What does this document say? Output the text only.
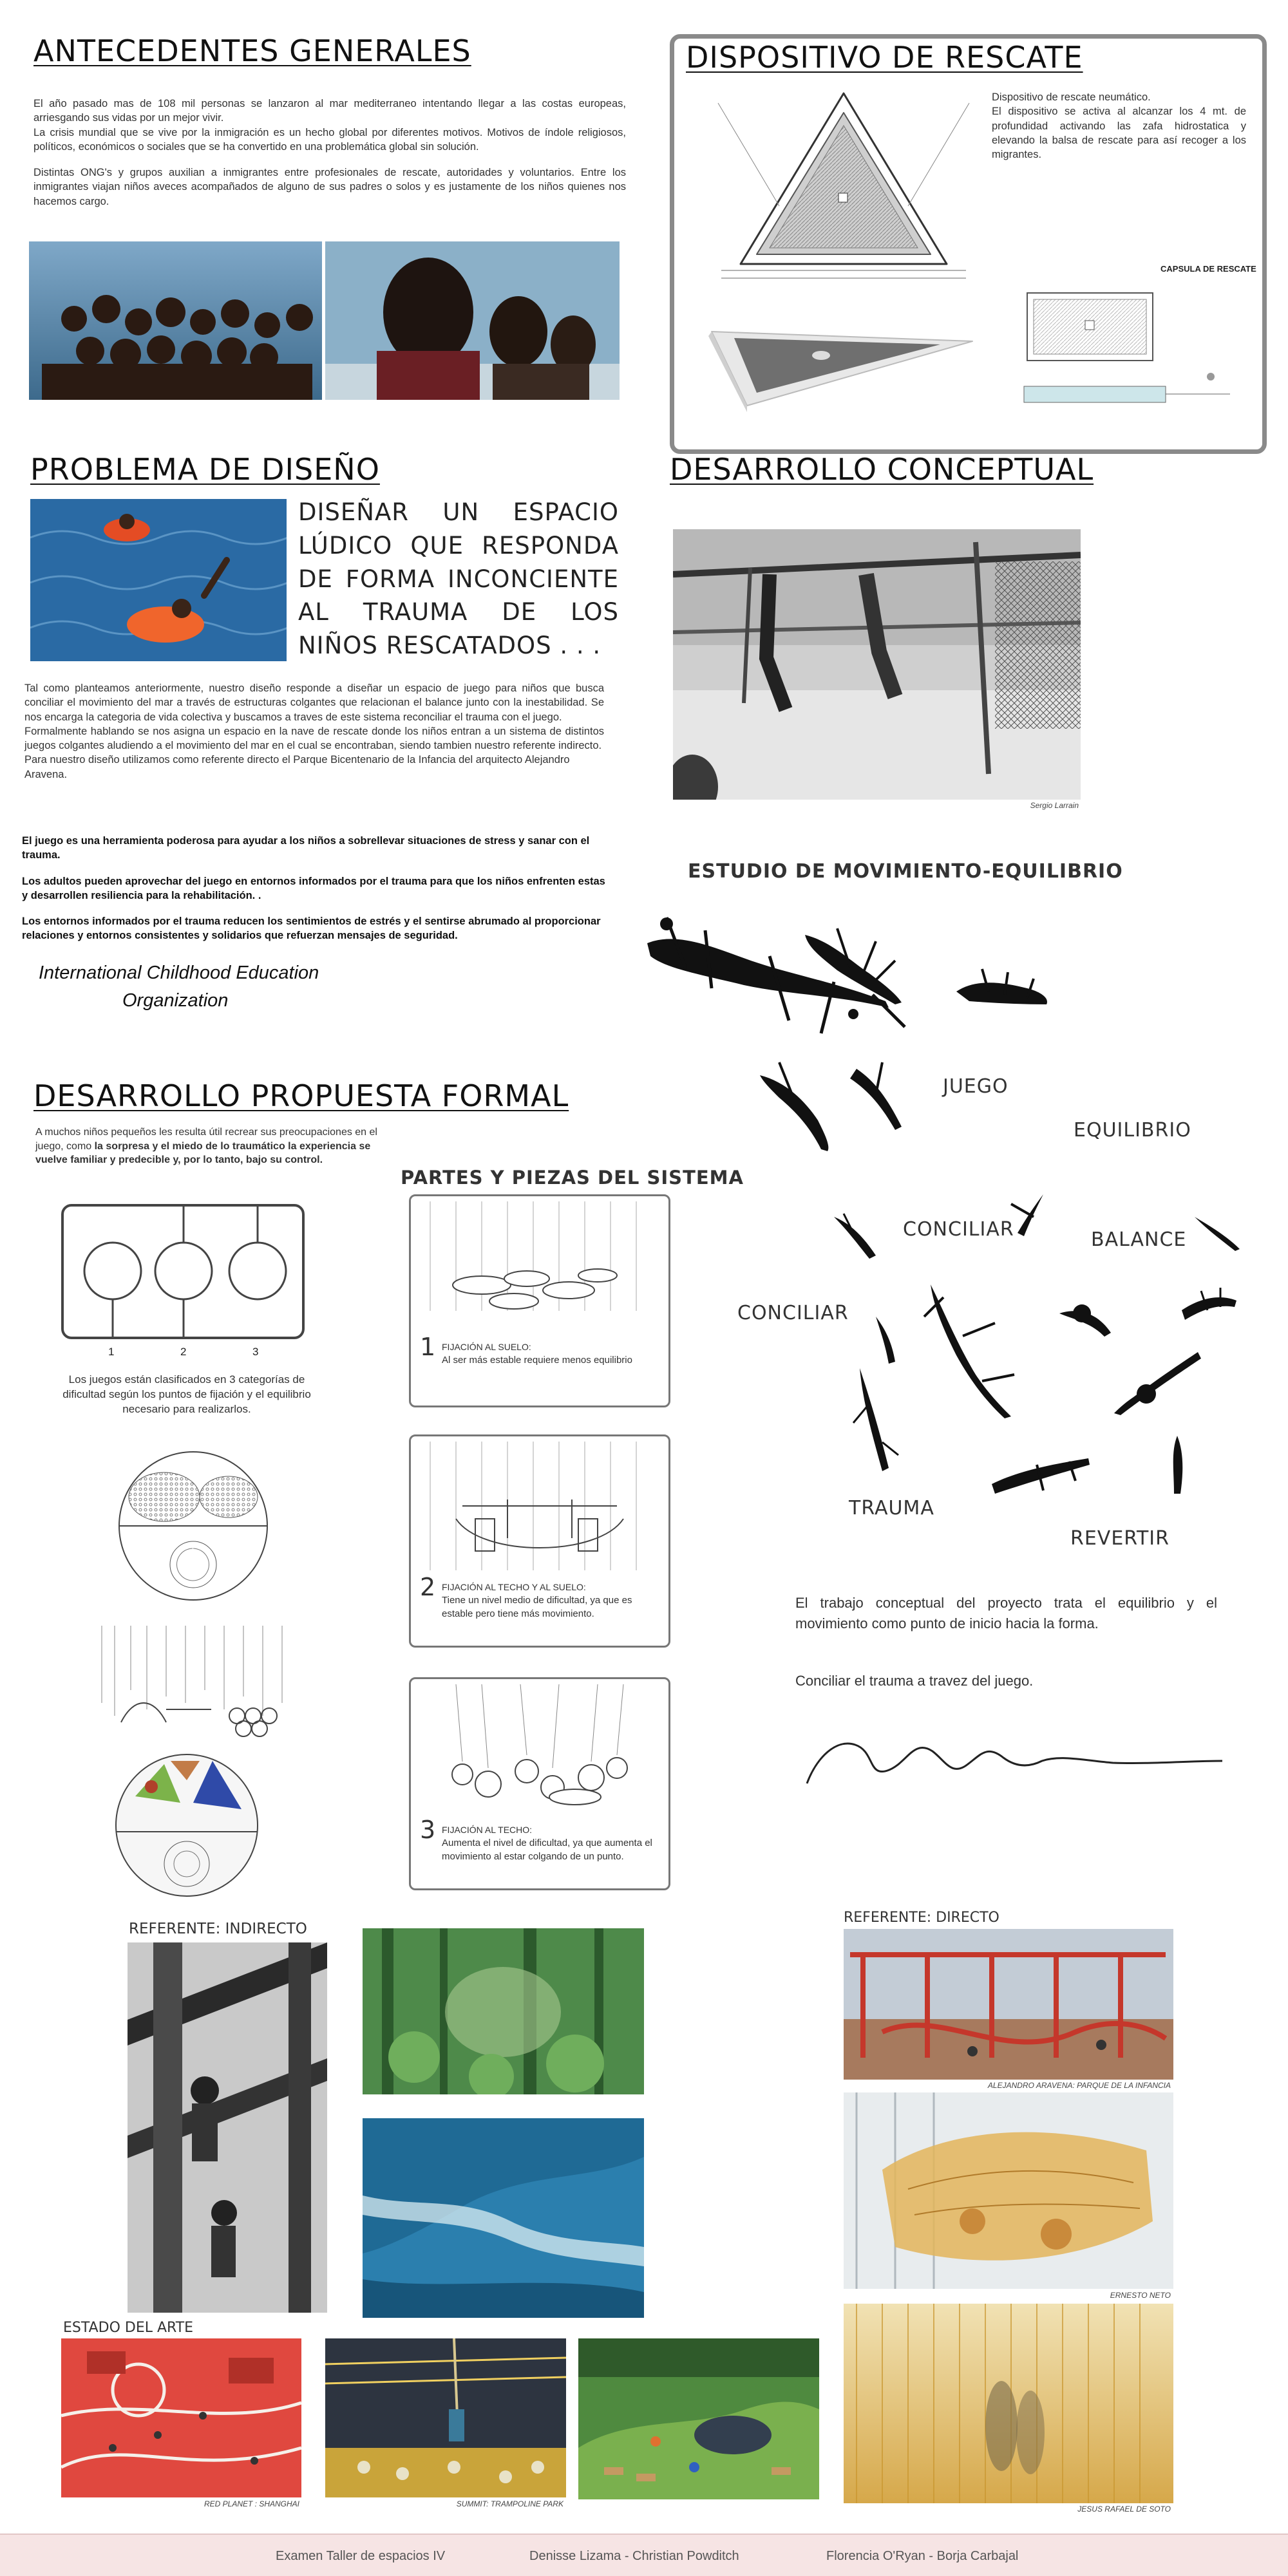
ANTECEDENTES GENERALES

El año pasado mas de 108 mil personas se lanzaron al mar mediterraneo intentando llegar a las costas europeas, arriesgando sus vidas por un mejor vivir.

La crisis mundial que se vive por la inmigración es un hecho global por diferentes motivos. Motivos de índole religiosos, políticos, económicos o sociales que se ha convertido en una problemática global sin solución.

Distintas ONG's y grupos auxilian a inmigrantes entre profesionales de rescate, autoridades y voluntarios. Entre los inmigrantes viajan niños aveces acompañados de alguno de sus padres o solos y es justamente de los niños quienes nos hacemos cargo.

DISPOSITIVO DE RESCATE

Dispositivo de rescate neumático.

El dispositivo se activa al alcanzar los 4 mt. de profundidad activando las zafa hidrostatica y elevando la balsa de rescate para así recoger a los migrantes.

CAPSULA DE RESCATE
PROBLEMA DE DISEÑO
DISEÑAR UN ESPACIO LÚDICO QUE RESPONDA DE FORMA INCONCIENTE AL TRAUMA DE LOS NIÑOS RESCATADOS . . .

Tal como planteamos anteriormente, nuestro diseño responde a diseñar un espacio de juego para niños que busca conciliar el movimiento del mar a través de estructuras colgantes que relacionan el balance junto con la inestabilidad. Se nos encarga la categoria de vida colectiva y buscamos a traves de este sistema reconciliar el trauma con el juego.

Formalmente hablando se nos asigna un espacio en la nave de rescate donde los niños entran a un sistema de distintos juegos colgantes aludiendo a el movimiento del mar en el cual se encontraban, siendo tambien nuestro referente indirecto.

Para nuestro diseño utilizamos como referente directo el Parque Bicentenario de la Infancia del arquitecto Alejandro Aravena.

El juego es una herramienta poderosa para ayudar a los niños a sobrellevar situaciones de stress y sanar con el trauma.

Los adultos pueden aprovechar del juego en entornos informados por el trauma para que los niños enfrenten estas y desarrollen resiliencia para la rehabilitación. .

Los entornos informados por el trauma reducen los sentimientos de estrés y el sentirse abrumado al proporcionar relaciones y entornos consistentes y solidarios que refuerzan mensajes de seguridad.

International Childhood Education
Organization
DESARROLLO CONCEPTUAL
Sergio Larrain
ESTUDIO DE MOVIMIENTO-EQUILIBRIO
JUEGO
EQUILIBRIO
CONCILIAR	BALANCE
CONCILIAR
TRAUMA
REVERTIR
El trabajo conceptual del proyecto trata el equilibrio y el movimiento como punto de inicio hacia la forma.
Conciliar el trauma a travez del juego.
DESARROLLO PROPUESTA FORMAL

A muchos niños pequeños les resulta útil recrear sus preocupaciones en el juego, como la sorpresa y el miedo de lo traumático la experiencia se vuelve familiar y predecible y, por lo tanto, bajo su control.

1	2	3
Los juegos están clasificados en 3 categorías de dificultad según los puntos de fijación y el equilibrio necesario para realizarlos.
PARTES Y PIEZAS DEL SISTEMA
1 FIJACIÓN AL SUELO:
Al ser más estable requiere menos equilibrio
2 FIJACIÓN AL TECHO Y AL SUELO:
Tiene un nivel medio de dificultad, ya que es estable pero tiene más movimiento.
3 FIJACIÓN AL TECHO:
Aumenta el nivel de dificultad, ya que aumenta el movimiento al estar colgando de un punto.
REFERENTE: INDIRECTO
REFERENTE: DIRECTO
ALEJANDRO ARAVENA: PARQUE DE LA INFANCIA
ERNESTO NETO
JESUS RAFAEL DE SOTO
ESTADO DEL ARTE
RED PLANET : SHANGHAI	SUMMIT: TRAMPOLINE PARK
Examen Taller de espacios IV	Denisse Lizama - Christian Powditch	Florencia O'Ryan - Borja Carbajal
